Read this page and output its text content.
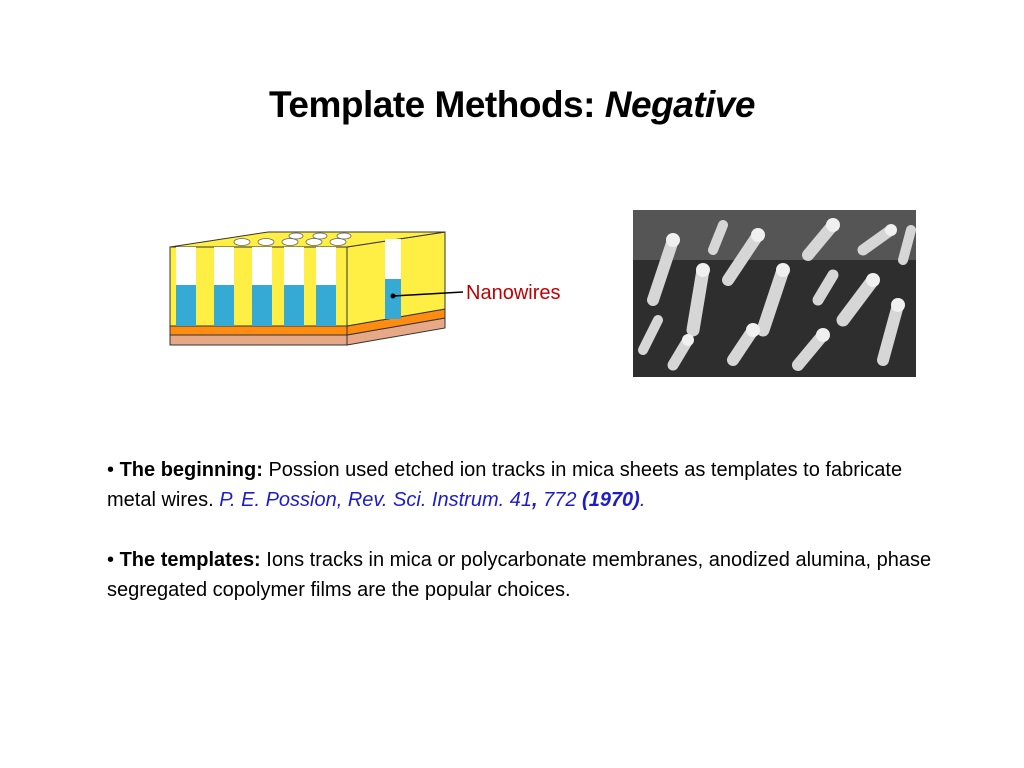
Template Methods: Negative
Nanowires

• The beginning: Possion used etched ion tracks in mica sheets as templates to fabricate metal wires. P. E. Possion, Rev. Sci. Instrum. 41, 772 (1970).

• The templates: Ions tracks in mica or polycarbonate membranes, anodized alumina, phase segregated copolymer films are the popular choices.
